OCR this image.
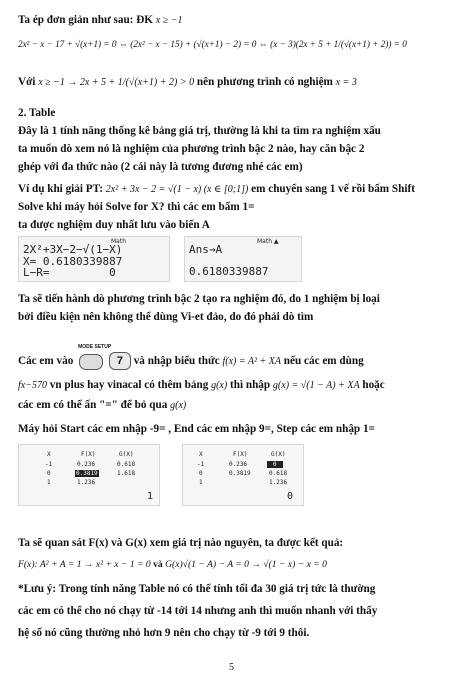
Ta ép đơn giản như sau: ĐK x ≥ −1
2x² − x − 17 + √(x+1) = 0 ⇔ (2x² − x − 15) + (√(x+1) − 2) = 0 ⇔ (x − 3)(2x + 5 + 1/(√(x+1) + 2)) = 0
Với x ≥ −1 → 2x + 5 + 1/(√(x+1) + 2) > 0 nên phương trình có nghiệm x = 3
2. Table
Đây là 1 tính năng thống kê bảng giá trị, thường là khi ta tìm ra nghiệm xấu
ta muốn dò xem nó là nghiệm của phương trình bậc 2 nào, hay căn bậc 2
ghép với đa thức nào (2 cái này là tương đương nhé các em)
Ví dụ khi giải PT: 2x² + 3x − 2 = √(1 − x) (x ∈ [0;1]) em chuyển sang 1 vế rồi bấm Shift
Solve khi máy hỏi Solve for X? thì các em bấm 1=
ta được nghiệm duy nhất lưu vào biến A
Math
2X²+3X−2−√(1−X)
X= 0.6180339887
L−R=         0
Math ▲
Ans→A
0.6180339887
Ta sẽ tiến hành dò phương trình bậc 2 tạo ra nghiệm đó, do 1 nghiệm bị loại
bởi điều kiện nên không thể dùng Vi-et đảo, do đó phải dò tìm
Các em vào
MODE SETUP
7 và nhập biểu thức f(x) = A² + XA nếu các em dùng
fx−570 vn plus hay vinacal có thêm bảng g(x) thì nhập g(x) = √(1 − A) + XA hoặc
các em có thể ấn "=" để bỏ qua g(x)
Máy hỏi Start các em nhập -9= , End các em nhập 9=, Step các em nhập 1=
X	F(X)	G(X)
-1	0.236	0.618
0	0.3819	1.618
1	1.236
1
X	F(X)	G(X)
-1	0.236	0
0	0.3819	0.618
1	1.236
0
Ta sẽ quan sát F(x) và G(x) xem giá trị nào nguyên, ta được kết quả:
F(x): A² + A = 1 → x² + x − 1 = 0 và G(x)√(1 − A) − A = 0 → √(1 − x) − x = 0
*Lưu ý: Trong tính năng Table nó có thể tính tối đa 30 giá trị tức là thường
các em có thể cho nó chạy từ -14 tới 14 nhưng anh thì muốn nhanh với thấy
hệ số nó cũng thường nhỏ hơn 9 nên cho chạy từ -9 tới 9 thôi.
5
